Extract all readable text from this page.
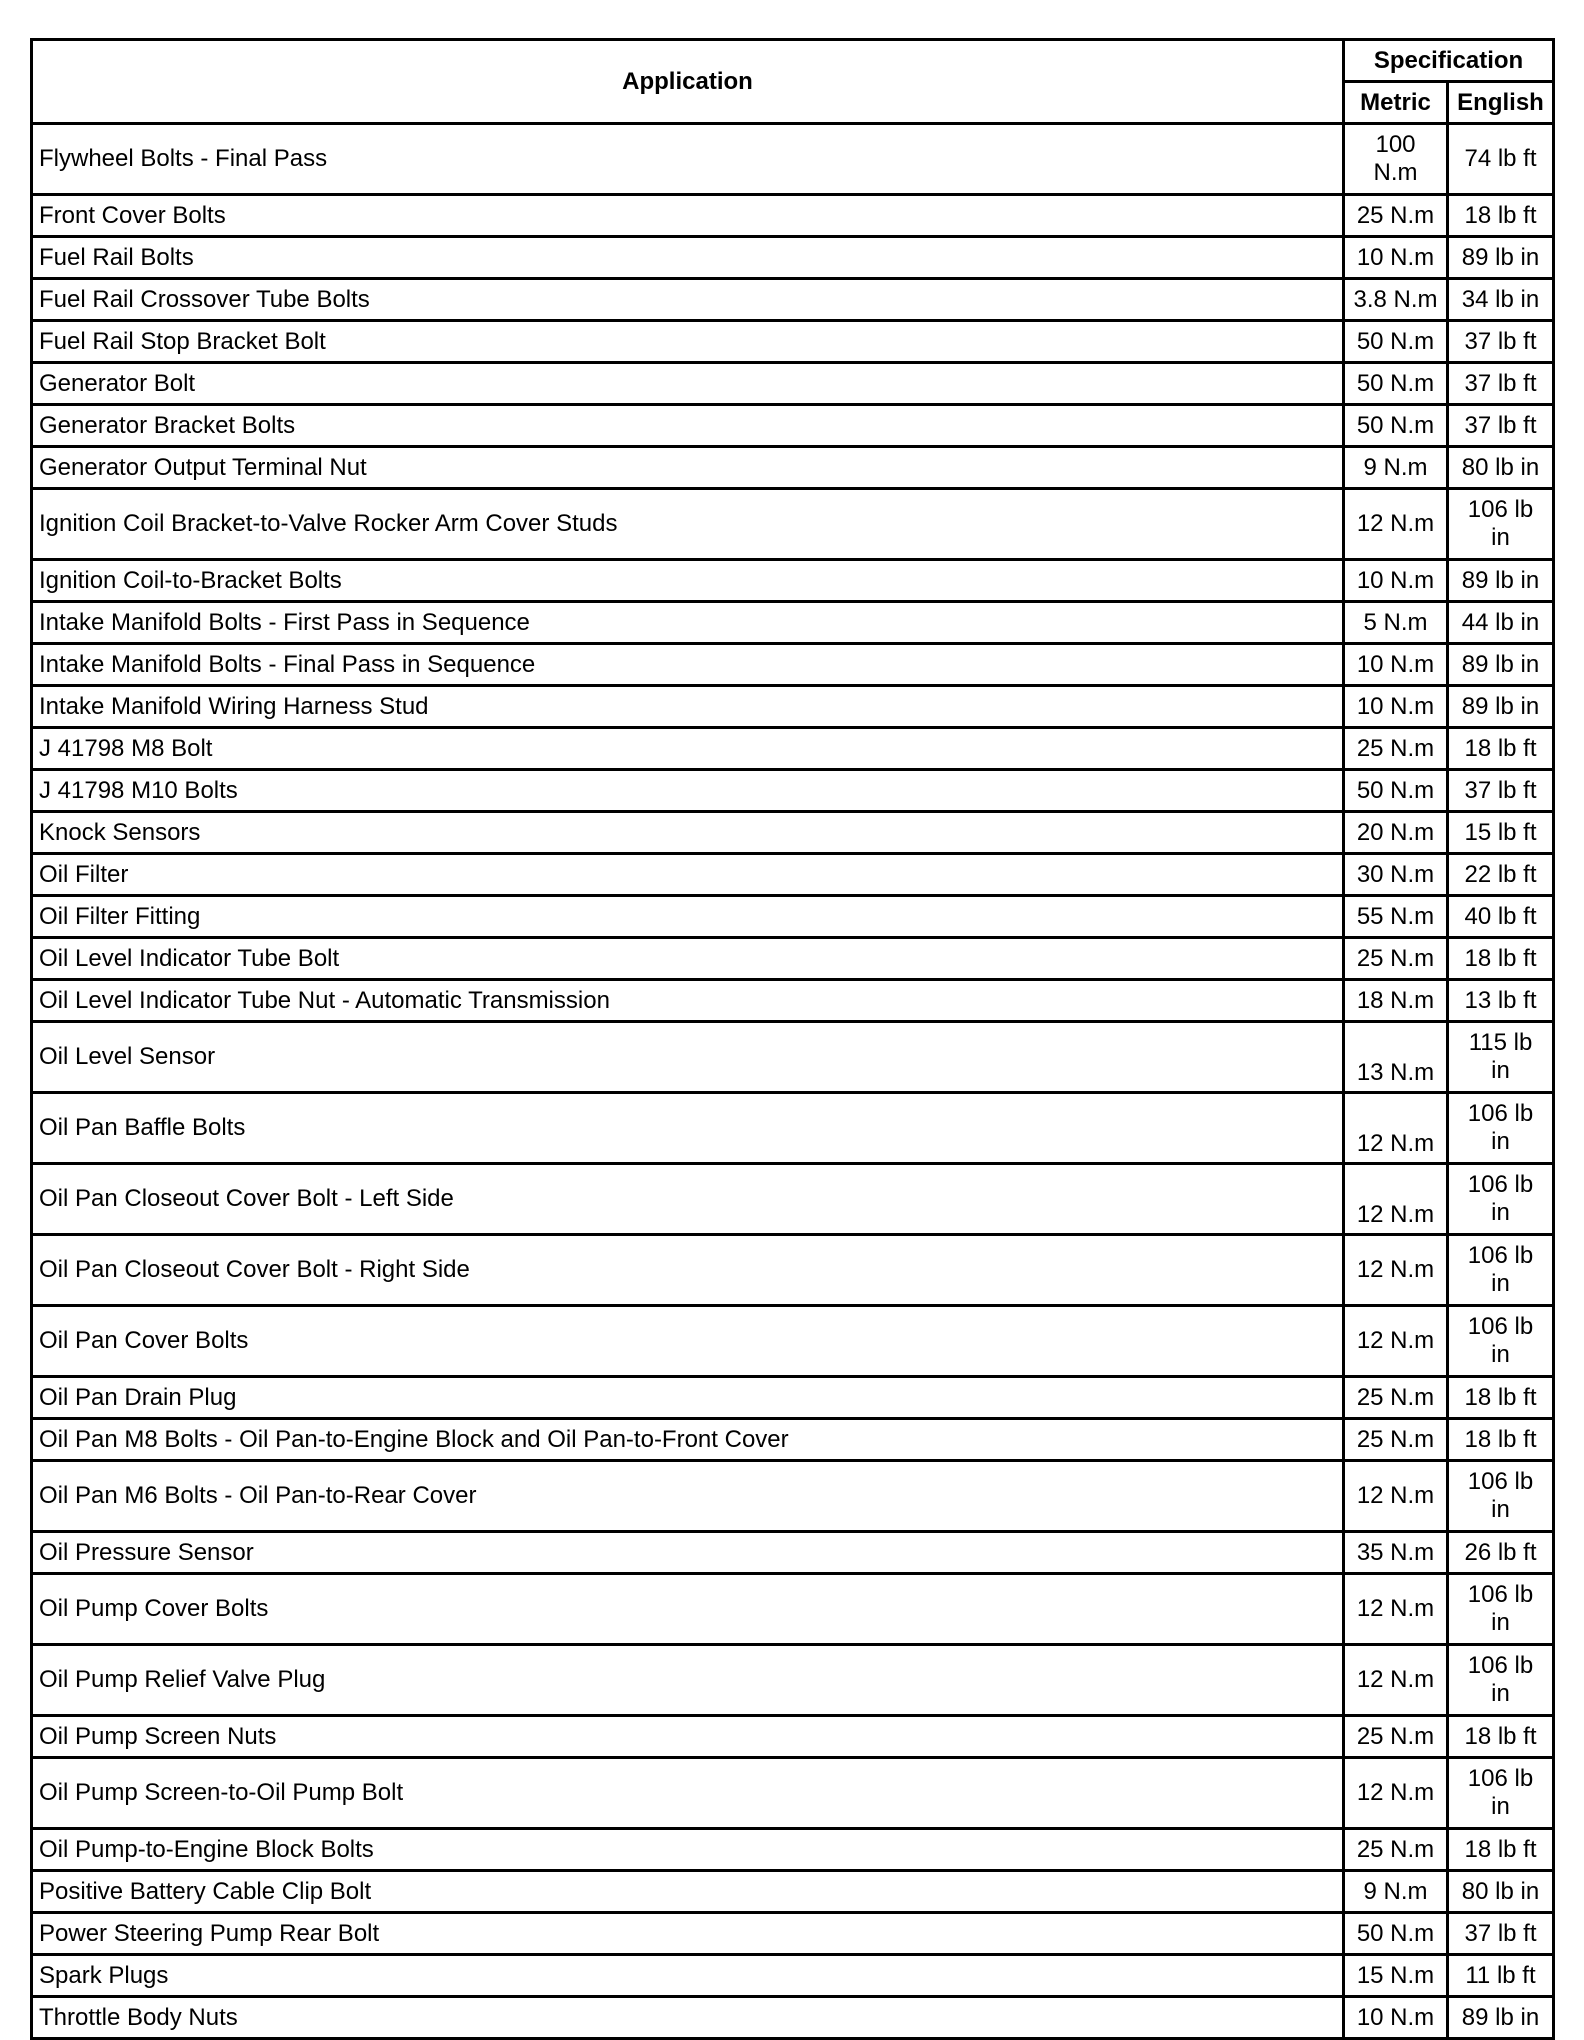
Application	Specification	
	Metric	English
Flywheel Bolts - Final Pass	100 N.m	74 lb ft
Front Cover Bolts	25 N.m	18 lb ft
Fuel Rail Bolts	10 N.m	89 lb in
Fuel Rail Crossover Tube Bolts	3.8 N.m	34 lb in
Fuel Rail Stop Bracket Bolt	50 N.m	37 lb ft
Generator Bolt	50 N.m	37 lb ft
Generator Bracket Bolts	50 N.m	37 lb ft
Generator Output Terminal Nut	9 N.m	80 lb in
Ignition Coil Bracket-to-Valve Rocker Arm Cover Studs	12 N.m	106 lb in
Ignition Coil-to-Bracket Bolts	10 N.m	89 lb in
Intake Manifold Bolts - First Pass in Sequence	5 N.m	44 lb in
Intake Manifold Bolts - Final Pass in Sequence	10 N.m	89 lb in
Intake Manifold Wiring Harness Stud	10 N.m	89 lb in
J 41798 M8 Bolt	25 N.m	18 lb ft
J 41798 M10 Bolts	50 N.m	37 lb ft
Knock Sensors	20 N.m	15 lb ft
Oil Filter	30 N.m	22 lb ft
Oil Filter Fitting	55 N.m	40 lb ft
Oil Level Indicator Tube Bolt	25 N.m	18 lb ft
Oil Level Indicator Tube Nut - Automatic Transmission	18 N.m	13 lb ft
Oil Level Sensor	13 N.m	115 lb in
Oil Pan Baffle Bolts	12 N.m	106 lb in
Oil Pan Closeout Cover Bolt - Left Side	12 N.m	106 lb in
Oil Pan Closeout Cover Bolt - Right Side	12 N.m	106 lb in
Oil Pan Cover Bolts	12 N.m	106 lb in
Oil Pan Drain Plug	25 N.m	18 lb ft
Oil Pan M8 Bolts - Oil Pan-to-Engine Block and Oil Pan-to-Front Cover	25 N.m	18 lb ft
Oil Pan M6 Bolts - Oil Pan-to-Rear Cover	12 N.m	106 lb in
Oil Pressure Sensor	35 N.m	26 lb ft
Oil Pump Cover Bolts	12 N.m	106 lb in
Oil Pump Relief Valve Plug	12 N.m	106 lb in
Oil Pump Screen Nuts	25 N.m	18 lb ft
Oil Pump Screen-to-Oil Pump Bolt	12 N.m	106 lb in
Oil Pump-to-Engine Block Bolts	25 N.m	18 lb ft
Positive Battery Cable Clip Bolt	9 N.m	80 lb in
Power Steering Pump Rear Bolt	50 N.m	37 lb ft
Spark Plugs	15 N.m	11 lb ft
Throttle Body Nuts	10 N.m	89 lb in
